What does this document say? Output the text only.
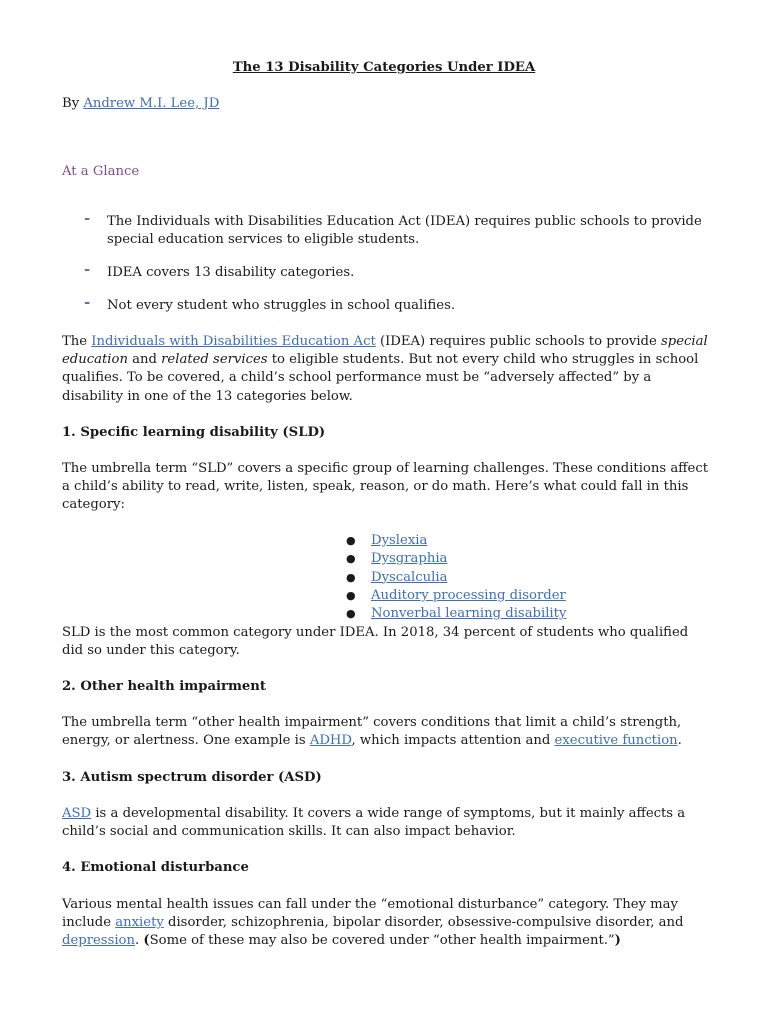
The 13 Disability Categories Under IDEA
By Andrew M.I. Lee, JD
At a Glance
- The Individuals with Disabilities Education Act (IDEA) requires public schools to provide special education services to eligible students.
- IDEA covers 13 disability categories.
- Not every student who struggles in school qualifies.
The Individuals with Disabilities Education Act (IDEA) requires public schools to provide special education and related services to eligible students. But not every child who struggles in school qualifies. To be covered, a child’s school performance must be “adversely affected” by a disability in one of the 13 categories below.
1. Specific learning disability (SLD)
The umbrella term “SLD” covers a specific group of learning challenges. These conditions affect a child’s ability to read, write, listen, speak, reason, or do math. Here’s what could fall in this category:
●	Dyslexia
●	Dysgraphia
●	Dyscalculia
●	Auditory processing disorder
●	Nonverbal learning disability
SLD is the most common category under IDEA. In 2018, 34 percent of students who qualified did so under this category.
2. Other health impairment
The umbrella term “other health impairment” covers conditions that limit a child’s strength, energy, or alertness. One example is ADHD, which impacts attention and executive function.
3. Autism spectrum disorder (ASD)
ASD is a developmental disability. It covers a wide range of symptoms, but it mainly affects a child’s social and communication skills. It can also impact behavior.
4. Emotional disturbance
Various mental health issues can fall under the “emotional disturbance” category. They may include anxiety disorder, schizophrenia, bipolar disorder, obsessive-compulsive disorder, and depression. (Some of these may also be covered under “other health impairment.”)
